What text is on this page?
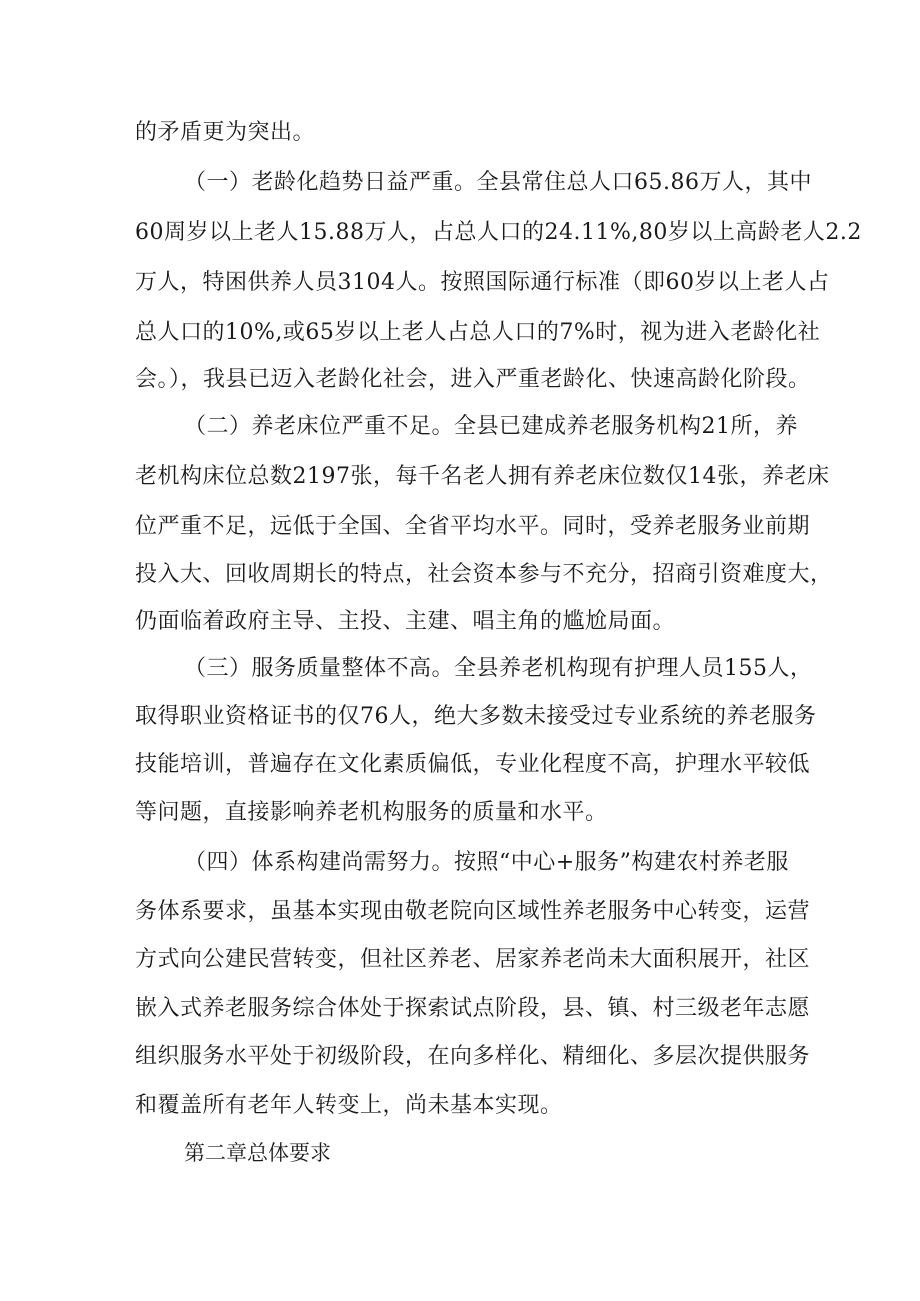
的矛盾更为突出。
（一）老龄化趋势日益严重。全县常住总人口65.86万人，其中
60周岁以上老人15.88万人，占总人口的24.11%,80岁以上高龄老人2.2
万人，特困供养人员3104人。按照国际通行标准（即60岁以上老人占
总人口的10%,或65岁以上老人占总人口的7%时，视为进入老龄化社
会。），我县已迈入老龄化社会，进入严重老龄化、快速高龄化阶段。
（二）养老床位严重不足。全县已建成养老服务机构21所，养
老机构床位总数2197张，每千名老人拥有养老床位数仅14张，养老床
位严重不足，远低于全国、全省平均水平。同时，受养老服务业前期
投入大、回收周期长的特点，社会资本参与不充分，招商引资难度大，
仍面临着政府主导、主投、主建、唱主角的尴尬局面。
（三）服务质量整体不高。全县养老机构现有护理人员155人，
取得职业资格证书的仅76人，绝大多数未接受过专业系统的养老服务
技能培训，普遍存在文化素质偏低，专业化程度不高，护理水平较低
等问题，直接影响养老机构服务的质量和水平。
（四）体系构建尚需努力。按照“中心+服务”构建农村养老服
务体系要求，虽基本实现由敬老院向区域性养老服务中心转变，运营
方式向公建民营转变，但社区养老、居家养老尚未大面积展开，社区
嵌入式养老服务综合体处于探索试点阶段，县、镇、村三级老年志愿
组织服务水平处于初级阶段，在向多样化、精细化、多层次提供服务
和覆盖所有老年人转变上，尚未基本实现。
第二章总体要求
